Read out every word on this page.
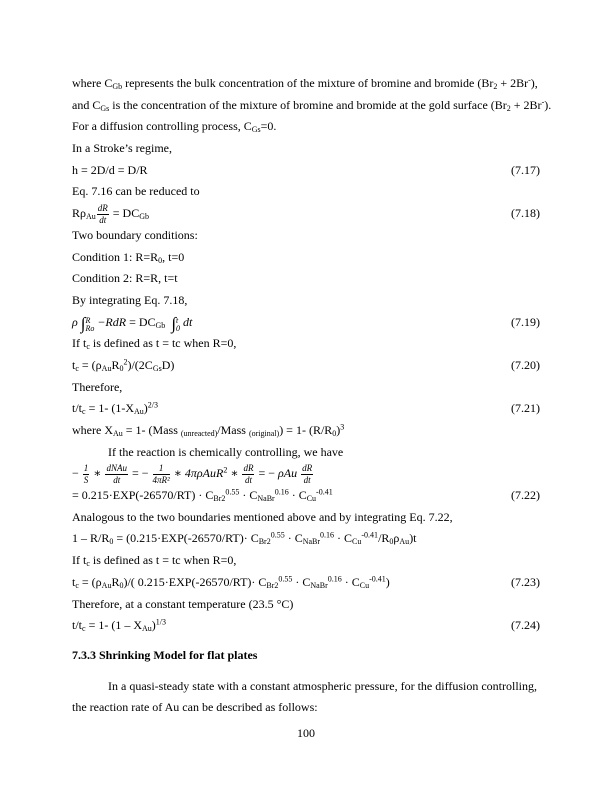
where $C_{Gb}$ represents the bulk concentration of the mixture of bromine and bromide $(Br_2 + 2Br^-)$,
and $C_{Gs}$ is the concentration of the mixture of bromine and bromide at the gold surface $(Br_2 + 2Br^-)$.
For a diffusion controlling process, $C_{Gs}=0$.
In a Stroke’s regime,
h = 2D/d = D/R	(7.17)
Eq. 7.16 can be reduced to
$R\rho_{Au} \frac{dR}{dt} = DC_{Gb}$	(7.18)
Two boundary conditions:
Condition 1: $R=R_0$, t=0
Condition 2: R=R, t=t
By integrating Eq. 7.18,
ρ ∫ R
$Ro -RdR = DC_{Gb}$ ∫ t
0 dt	(7.19)
If $t_c$ is defined as t = tc when R=0,
$t_c = (\rho_{Au}R_0^2)/(2C_{Gs}D)$	(7.20)
Therefore,
$t/t_c = 1-$ $(1-X_{Au})^{2/3}$	(7.21)
where $X_{Au} = 1-$ (Mass $_{(unreacted)}$/Mass $_{(original)}$) = 1- $(R/R_0)^3$
If the reaction is chemically controlling, we have
− $\frac{1}{S}$ ∗ $\frac{\text{dNAu}}{dt}$ = − $\frac{1}{\text{4πR²}}$ ∗ 4πρAuR$^2$ ∗ $\frac{dR}{dt}$ = − ρAu $\frac{dR}{dt}$
= $0.215\cdot EXP(-26570/RT) \cdot C_{Br2}^{0.55} \cdot C_{NaBr}^{0.16} \cdot C_{Cu}^{-0.41}$	(7.22)
Analogous to the two boundaries mentioned above and by integrating Eq. 7.22,
$1 - R/R_0 = (0.215\cdot EXP(-26570/RT)\cdot C_{Br2}^{0.55} \cdot C_{NaBr}^{0.16} \cdot C_{Cu}^{-0.41}/R_0\rho_{Au})t$
If $t_c$ is defined as t = tc when R=0,
$t_c = (\rho_{Au}R_0)/$( $0.215\cdot EXP(-26570/RT)\cdot C_{Br2}^{0.55} \cdot C_{NaBr}^{0.16} \cdot C_{Cu}^{-0.41}$)	(7.23)
Therefore, at a constant temperature (23.5 °C)
$t/t_c = 1-$ $(1 - X_{Au})^{1/3}$	(7.24)
7.3.3 Shrinking Model for flat plates
In a quasi-steady state with a constant atmospheric pressure, for the diffusion controlling,
the reaction rate of Au can be described as follows:
100
